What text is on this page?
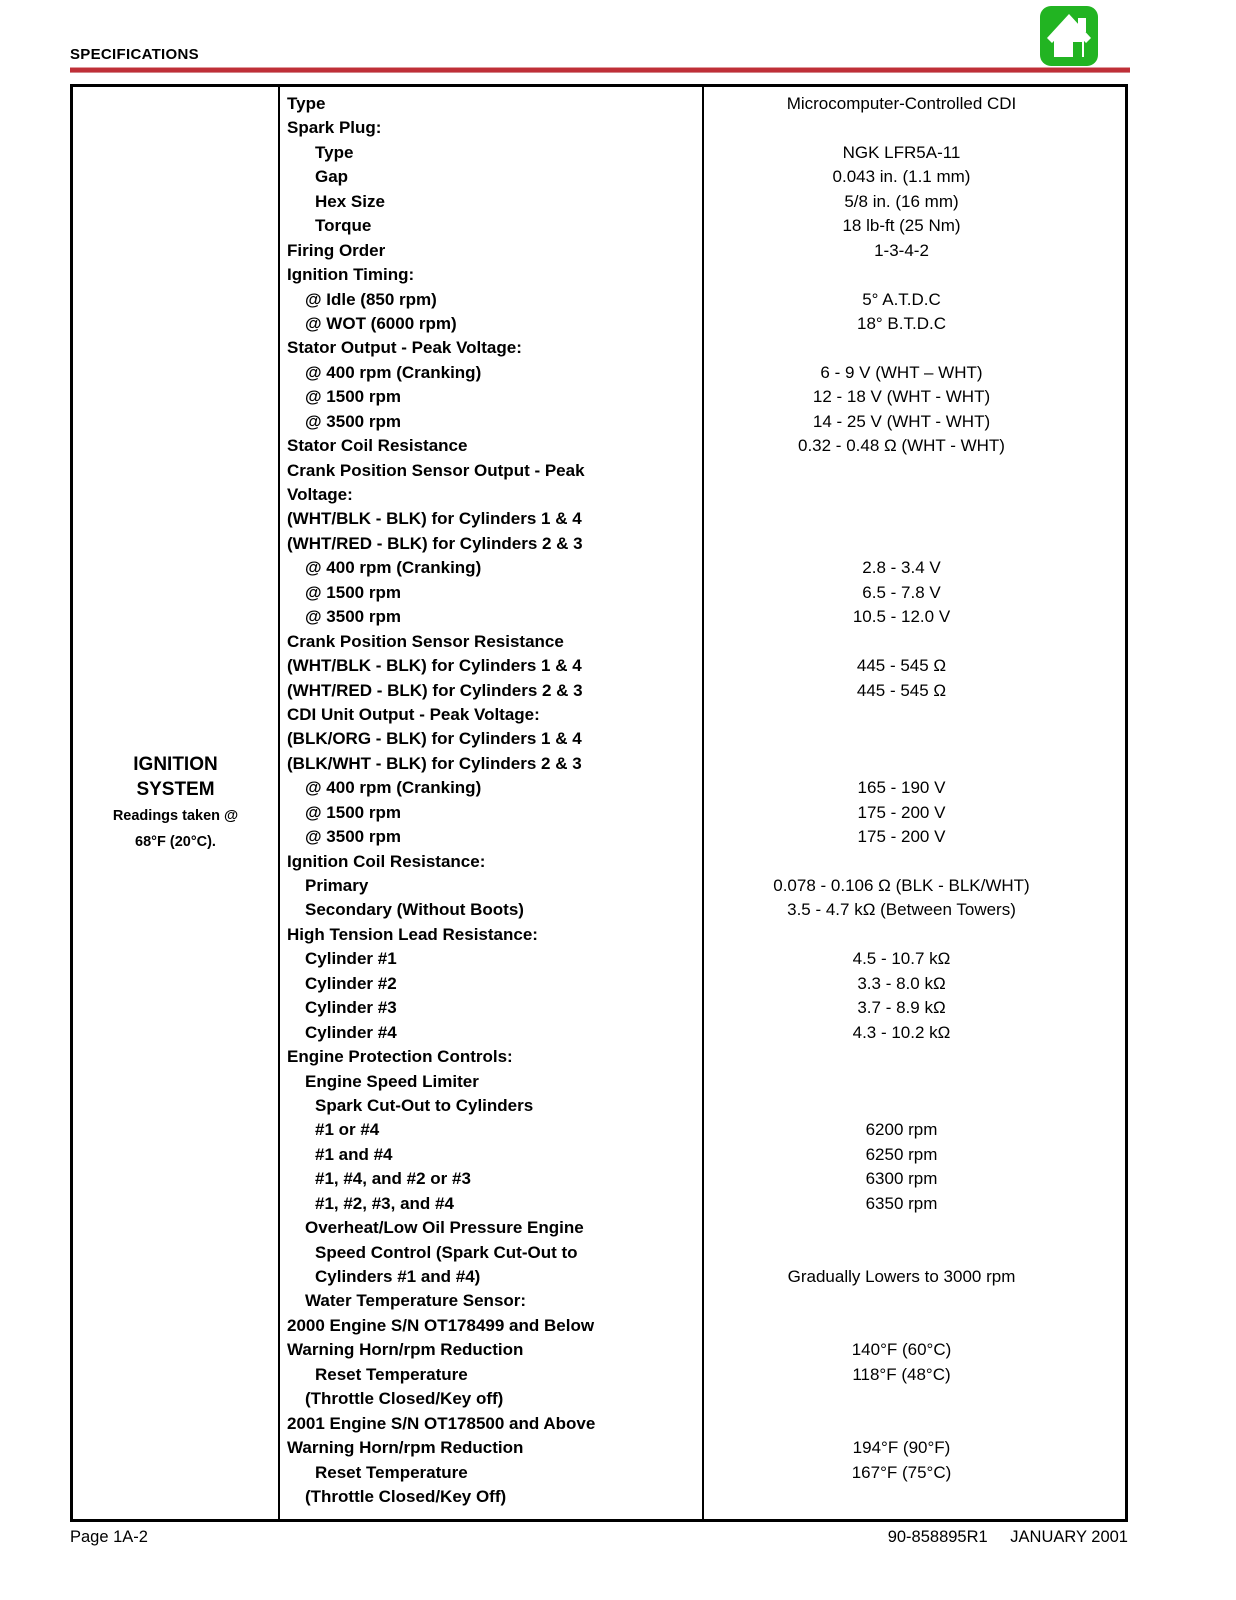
SPECIFICATIONS
IGNITION
SYSTEM
Readings taken @
68°F (20°C).
Type
Spark Plug:
Type
Gap
Hex Size
Torque
Firing Order
Ignition Timing:
@ Idle (850 rpm)
@ WOT (6000 rpm)
Stator Output - Peak Voltage:
@ 400 rpm (Cranking)
@ 1500 rpm
@ 3500 rpm
Stator Coil Resistance
Crank Position Sensor Output - Peak
Voltage:
(WHT/BLK - BLK) for Cylinders 1 & 4
(WHT/RED - BLK) for Cylinders 2 & 3
@ 400 rpm (Cranking)
@ 1500 rpm
@ 3500 rpm
Crank Position Sensor Resistance
(WHT/BLK - BLK) for Cylinders 1 & 4
(WHT/RED - BLK) for Cylinders 2 & 3
CDI Unit Output - Peak Voltage:
(BLK/ORG - BLK) for Cylinders 1 & 4
(BLK/WHT - BLK) for Cylinders 2 & 3
@ 400 rpm (Cranking)
@ 1500 rpm
@ 3500 rpm
Ignition Coil Resistance:
Primary
Secondary (Without Boots)
High Tension Lead Resistance:
Cylinder #1
Cylinder #2
Cylinder #3
Cylinder #4
Engine Protection Controls:
Engine Speed Limiter
Spark Cut-Out to Cylinders
#1 or #4
#1 and #4
#1, #4, and #2 or #3
#1, #2, #3, and #4
Overheat/Low Oil Pressure Engine
Speed Control (Spark Cut-Out to
Cylinders #1 and #4)
Water Temperature Sensor:
2000 Engine S/N OT178499 and Below
Warning Horn/rpm Reduction
Reset Temperature
(Throttle Closed/Key off)
2001 Engine S/N OT178500 and Above
Warning Horn/rpm Reduction
Reset Temperature
(Throttle Closed/Key Off)
Microcomputer-Controlled CDI
NGK LFR5A-11
0.043 in. (1.1 mm)
5/8 in. (16 mm)
18 lb-ft (25 Nm)
1-3-4-2
5° A.T.D.C
18° B.T.D.C
6 - 9 V (WHT – WHT)
12 - 18 V (WHT - WHT)
14 - 25 V (WHT - WHT)
0.32 - 0.48 Ω (WHT - WHT)
2.8 - 3.4 V
6.5 - 7.8 V
10.5 - 12.0 V
445 - 545 Ω
445 - 545 Ω
165 - 190 V
175 - 200 V
175 - 200 V
0.078 - 0.106 Ω (BLK - BLK/WHT)
3.5 - 4.7 kΩ (Between Towers)
4.5 - 10.7 kΩ
3.3 - 8.0 kΩ
3.7 - 8.9 kΩ
4.3 - 10.2 kΩ
6200 rpm
6250 rpm
6300 rpm
6350 rpm
Gradually Lowers to 3000 rpm
140°F (60°C)
118°F (48°C)
194°F (90°F)
167°F (75°C)
Page 1A-2	90-858895R1 JANUARY 2001
